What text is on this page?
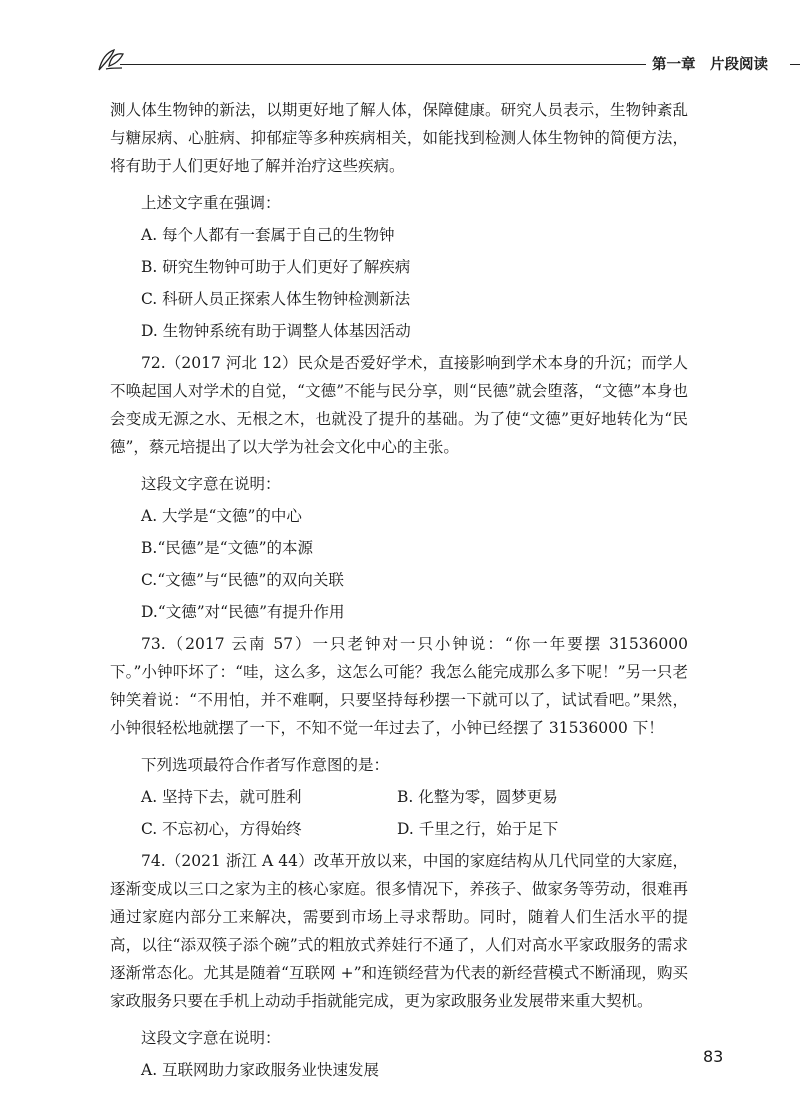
第一章　片段阅读

测人体生物钟的新法，以期更好地了解人体，保障健康。研究人员表示，生物钟紊乱与糖尿病、心脏病、抑郁症等多种疾病相关，如能找到检测人体生物钟的简便方法，将有助于人们更好地了解并治疗这些疾病。

上述文字重在强调：
A. 每个人都有一套属于自己的生物钟
B. 研究生物钟可助于人们更好了解疾病
C. 科研人员正探索人体生物钟检测新法
D. 生物钟系统有助于调整人体基因活动

72.（2017 河北 12）民众是否爱好学术，直接影响到学术本身的升沉；而学人不唤起国人对学术的自觉，“文德”不能与民分享，则“民德”就会堕落，“文德”本身也会变成无源之水、无根之木，也就没了提升的基础。为了使“文德”更好地转化为“民德”，蔡元培提出了以大学为社会文化中心的主张。

这段文字意在说明：
A. 大学是“文德”的中心
B.“民德”是“文德”的本源
C.“文德”与“民德”的双向关联
D.“文德”对“民德”有提升作用

73.（2017 云南 57）一只老钟对一只小钟说：“你一年要摆 31536000 下。”小钟吓坏了：“哇，这么多，这怎么可能？我怎么能完成那么多下呢！”另一只老钟笑着说：“不用怕，并不难啊，只要坚持每秒摆一下就可以了，试试看吧。”果然，小钟很轻松地就摆了一下，不知不觉一年过去了，小钟已经摆了 31536000 下！

下列选项最符合作者写作意图的是：
A. 坚持下去，就可胜利	B. 化整为零，圆梦更易
C. 不忘初心，方得始终	D. 千里之行，始于足下

74.（2021 浙江 A 44）改革开放以来，中国的家庭结构从几代同堂的大家庭，逐渐变成以三口之家为主的核心家庭。很多情况下，养孩子、做家务等劳动，很难再通过家庭内部分工来解决，需要到市场上寻求帮助。同时，随着人们生活水平的提高，以往“添双筷子添个碗”式的粗放式养娃行不通了，人们对高水平家政服务的需求逐渐常态化。尤其是随着“互联网 +”和连锁经营为代表的新经营模式不断涌现，购买家政服务只要在手机上动动手指就能完成，更为家政服务业发展带来重大契机。

这段文字意在说明：
A. 互联网助力家政服务业快速发展
83
